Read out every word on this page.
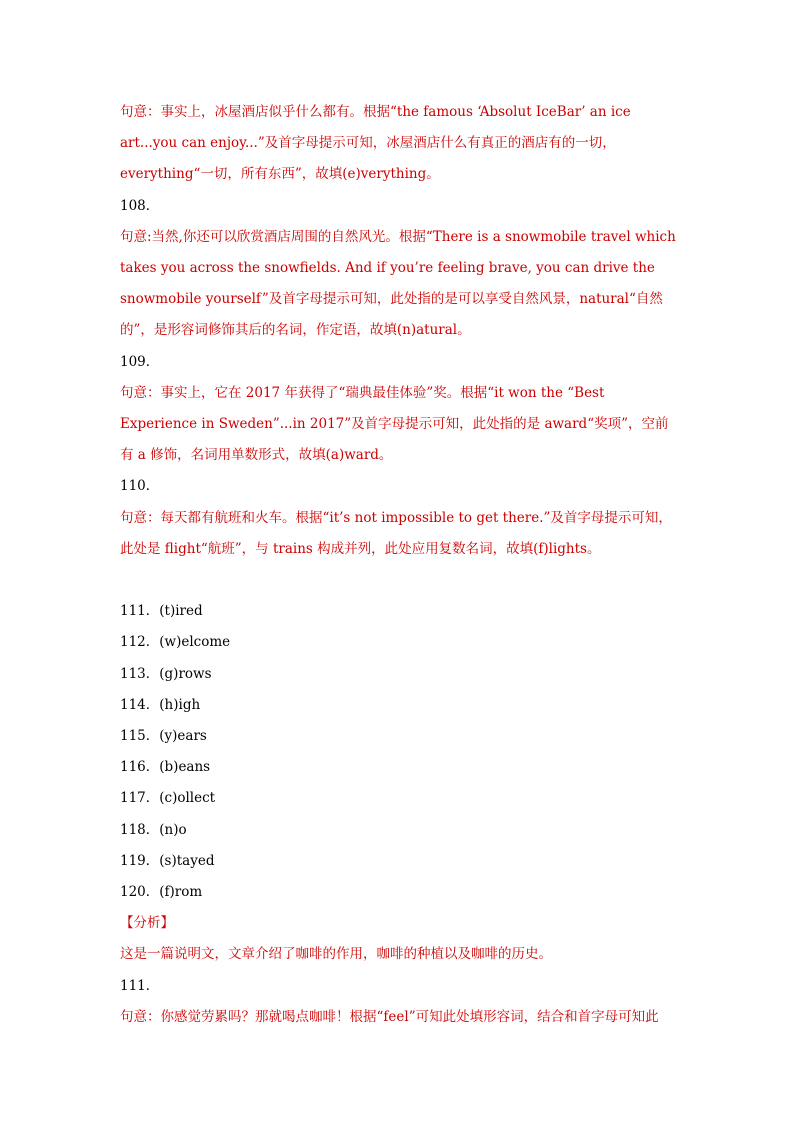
句意：事实上，冰屋酒店似乎什么都有。根据“the famous ‘Absolut IceBar’ an ice art...you can enjoy...”及首字母提示可知，冰屋酒店什么有真正的酒店有的一切，everything“一切，所有东西”，故填(e)verything。

108．

句意:当然,你还可以欣赏酒店周围的自然风光。根据“There is a snowmobile travel which takes you across the snowfields. And if you’re feeling brave, you can drive the snowmobile yourself”及首字母提示可知，此处指的是可以享受自然风景，natural“自然的”，是形容词修饰其后的名词，作定语，故填(n)atural。

109．

句意：事实上，它在 2017 年获得了“瑞典最佳体验”奖。根据“it won the “Best Experience in Sweden”...in 2017”及首字母提示可知，此处指的是 award“奖项”，空前有 a 修饰，名词用单数形式，故填(a)ward。

110．

句意：每天都有航班和火车。根据“it’s not impossible to get there.”及首字母提示可知，此处是 flight“航班”，与 trains 构成并列，此处应用复数名词，故填(f)lights。

111．(t)ired

112．(w)elcome

113．(g)rows

114．(h)igh

115．(y)ears

116．(b)eans

117．(c)ollect

118．(n)o

119．(s)tayed

120．(f)rom

【分析】

这是一篇说明文，文章介绍了咖啡的作用，咖啡的种植以及咖啡的历史。

111．

句意：你感觉劳累吗？那就喝点咖啡！根据“feel”可知此处填形容词，结合和首字母可知此
